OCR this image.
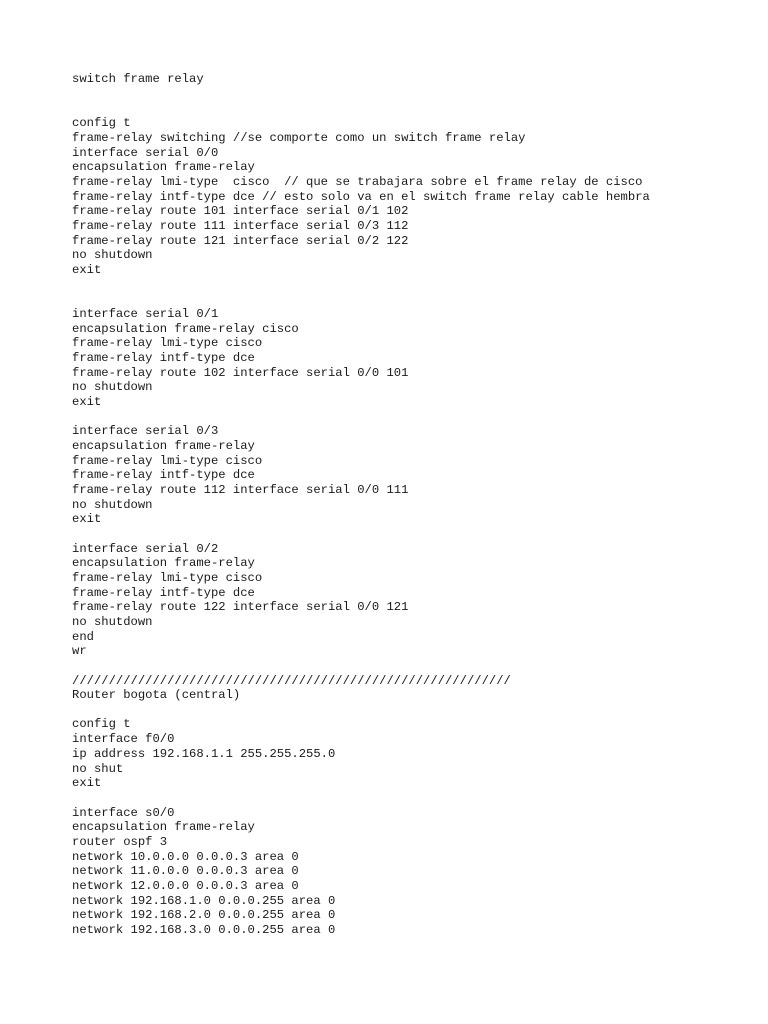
switch frame relay
config t
frame-relay switching //se comporte como un switch frame relay
interface serial 0/0
encapsulation frame-relay
frame-relay lmi-type  cisco  // que se trabajara sobre el frame relay de cisco
frame-relay intf-type dce // esto solo va en el switch frame relay cable hembra
frame-relay route 101 interface serial 0/1 102
frame-relay route 111 interface serial 0/3 112
frame-relay route 121 interface serial 0/2 122
no shutdown
exit
interface serial 0/1
encapsulation frame-relay cisco
frame-relay lmi-type cisco
frame-relay intf-type dce
frame-relay route 102 interface serial 0/0 101
no shutdown
exit
interface serial 0/3
encapsulation frame-relay
frame-relay lmi-type cisco
frame-relay intf-type dce
frame-relay route 112 interface serial 0/0 111
no shutdown
exit
interface serial 0/2
encapsulation frame-relay
frame-relay lmi-type cisco
frame-relay intf-type dce
frame-relay route 122 interface serial 0/0 121
no shutdown
end
wr
////////////////////////////////////////////////////////////
Router bogota (central)
config t
interface f0/0
ip address 192.168.1.1 255.255.255.0
no shut
exit
interface s0/0
encapsulation frame-relay
router ospf 3
network 10.0.0.0 0.0.0.3 area 0
network 11.0.0.0 0.0.0.3 area 0
network 12.0.0.0 0.0.0.3 area 0
network 192.168.1.0 0.0.0.255 area 0
network 192.168.2.0 0.0.0.255 area 0
network 192.168.3.0 0.0.0.255 area 0
